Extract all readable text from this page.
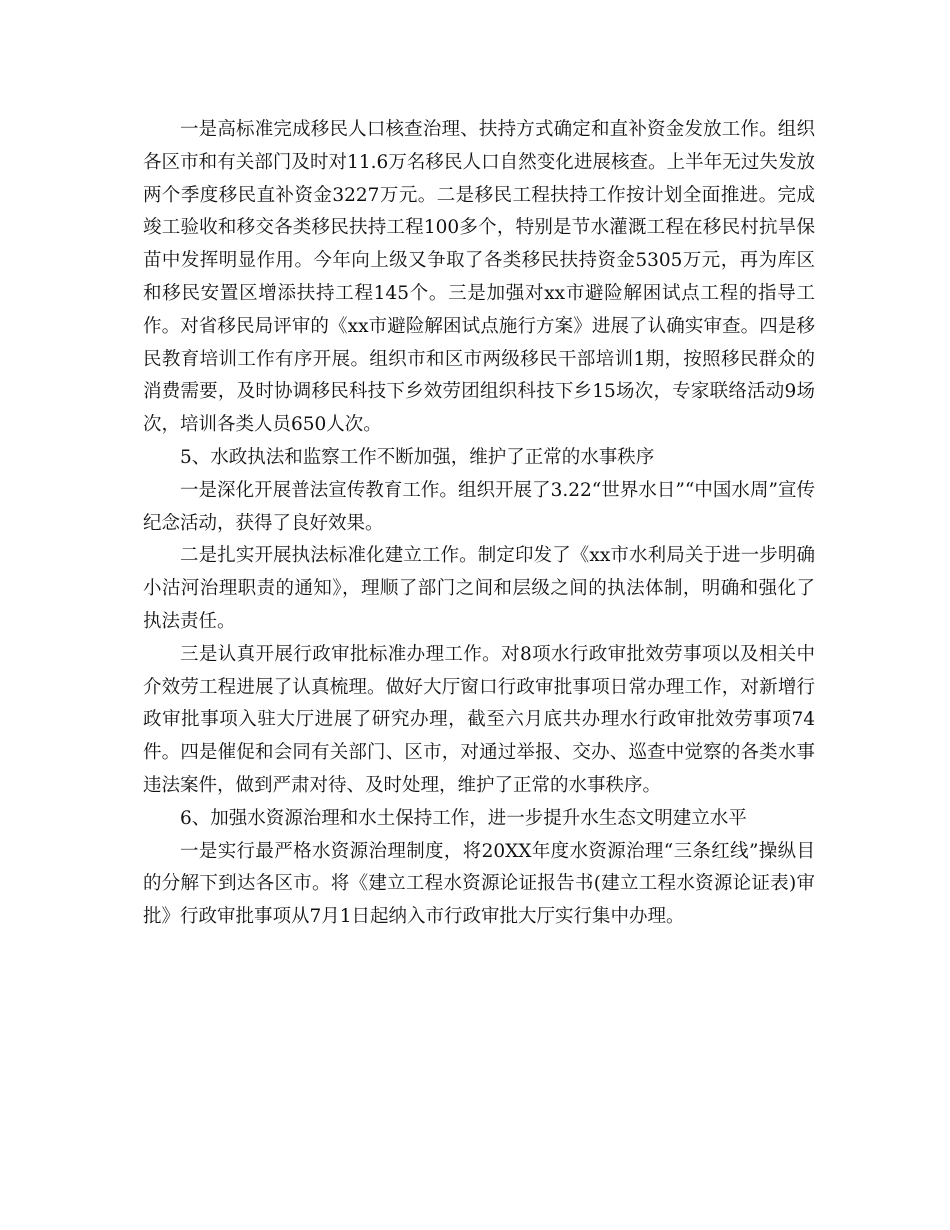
一是高标准完成移民人口核查治理、扶持方式确定和直补资金发放工作。组织各区市和有关部门及时对11.6万名移民人口自然变化进展核查。上半年无过失发放两个季度移民直补资金3227万元。二是移民工程扶持工作按计划全面推进。完成竣工验收和移交各类移民扶持工程100多个，特别是节水灌溉工程在移民村抗旱保苗中发挥明显作用。今年向上级又争取了各类移民扶持资金5305万元，再为库区和移民安置区增添扶持工程145个。三是加强对xx市避险解困试点工程的指导工作。对省移民局评审的《xx市避险解困试点施行方案》进展了认确实审查。四是移民教育培训工作有序开展。组织市和区市两级移民干部培训1期，按照移民群众的消费需要，及时协调移民科技下乡效劳团组织科技下乡15场次，专家联络活动9场次，培训各类人员650人次。

5、水政执法和监察工作不断加强，维护了正常的水事秩序

一是深化开展普法宣传教育工作。组织开展了3.22“世界水日”“中国水周”宣传纪念活动，获得了良好效果。

二是扎实开展执法标准化建立工作。制定印发了《xx市水利局关于进一步明确小沽河治理职责的通知》，理顺了部门之间和层级之间的执法体制，明确和强化了执法责任。

三是认真开展行政审批标准办理工作。对8项水行政审批效劳事项以及相关中介效劳工程进展了认真梳理。做好大厅窗口行政审批事项日常办理工作，对新增行政审批事项入驻大厅进展了研究办理，截至六月底共办理水行政审批效劳事项74件。四是催促和会同有关部门、区市，对通过举报、交办、巡查中觉察的各类水事违法案件，做到严肃对待、及时处理，维护了正常的水事秩序。

6、加强水资源治理和水土保持工作，进一步提升水生态文明建立水平

一是实行最严格水资源治理制度，将20XX年度水资源治理“三条红线”操纵目的分解下到达各区市。将《建立工程水资源论证报告书(建立工程水资源论证表)审批》行政审批事项从7月1日起纳入市行政审批大厅实行集中办理。
